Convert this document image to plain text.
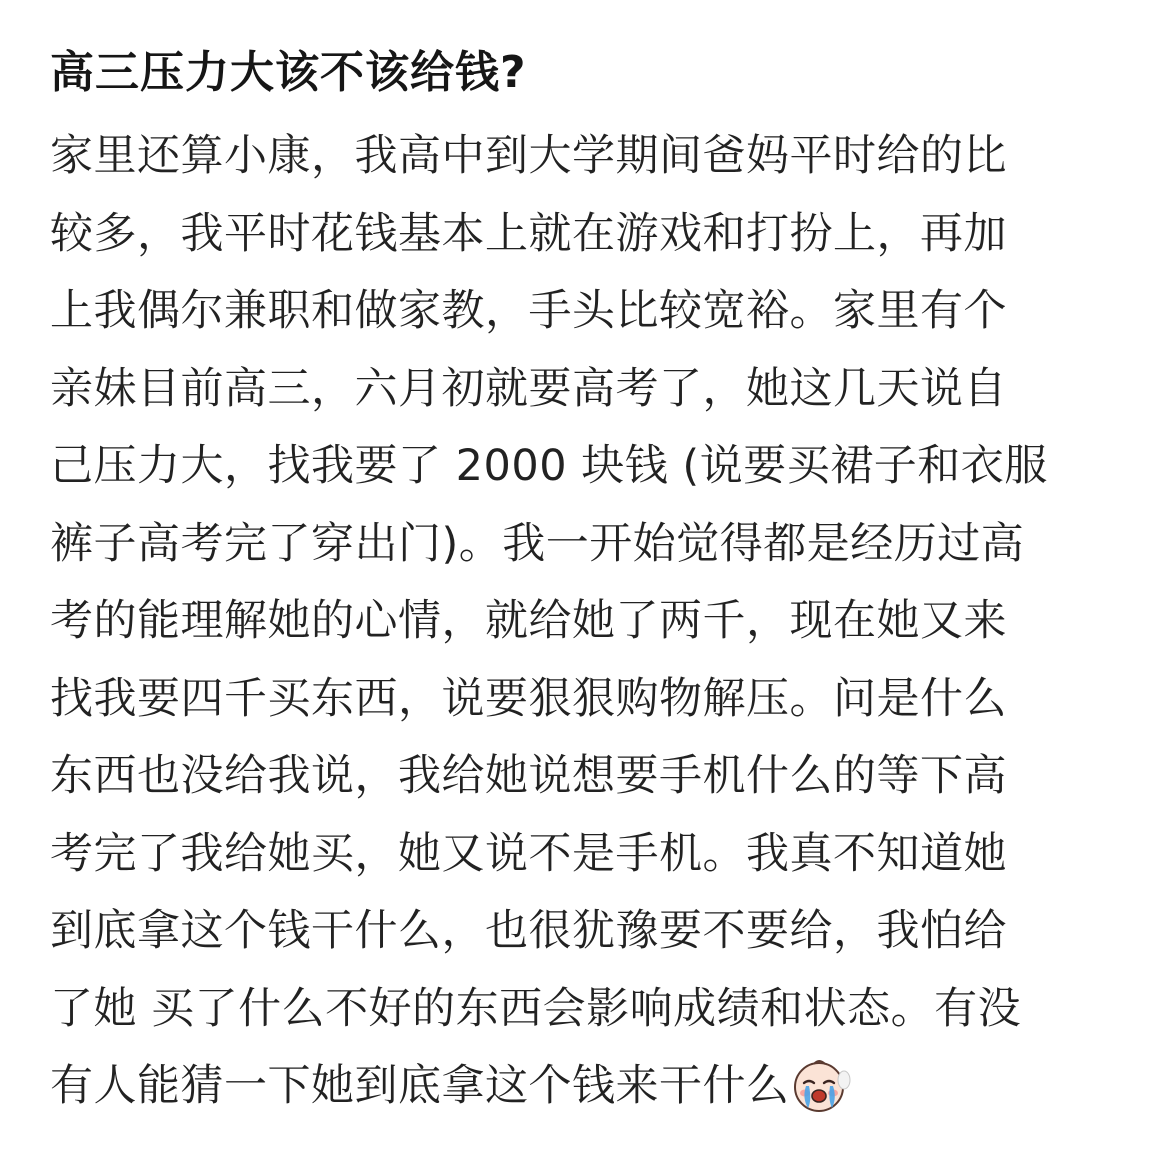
高三压力大该不该给钱?
家里还算小康，我高中到大学期间爸妈平时给的比
较多，我平时花钱基本上就在游戏和打扮上，再加
上我偶尔兼职和做家教，手头比较宽裕。家里有个
亲妹目前高三，六月初就要高考了，她这几天说自
己压力大，找我要了 2000 块钱 (说要买裙子和衣服
裤子高考完了穿出门)。我一开始觉得都是经历过高
考的能理解她的心情，就给她了两千，现在她又来
找我要四千买东西，说要狠狠购物解压。问是什么
东西也没给我说，我给她说想要手机什么的等下高
考完了我给她买，她又说不是手机。我真不知道她
到底拿这个钱干什么，也很犹豫要不要给，我怕给
了她 买了什么不好的东西会影响成绩和状态。有没
有人能猜一下她到底拿这个钱来干什么
